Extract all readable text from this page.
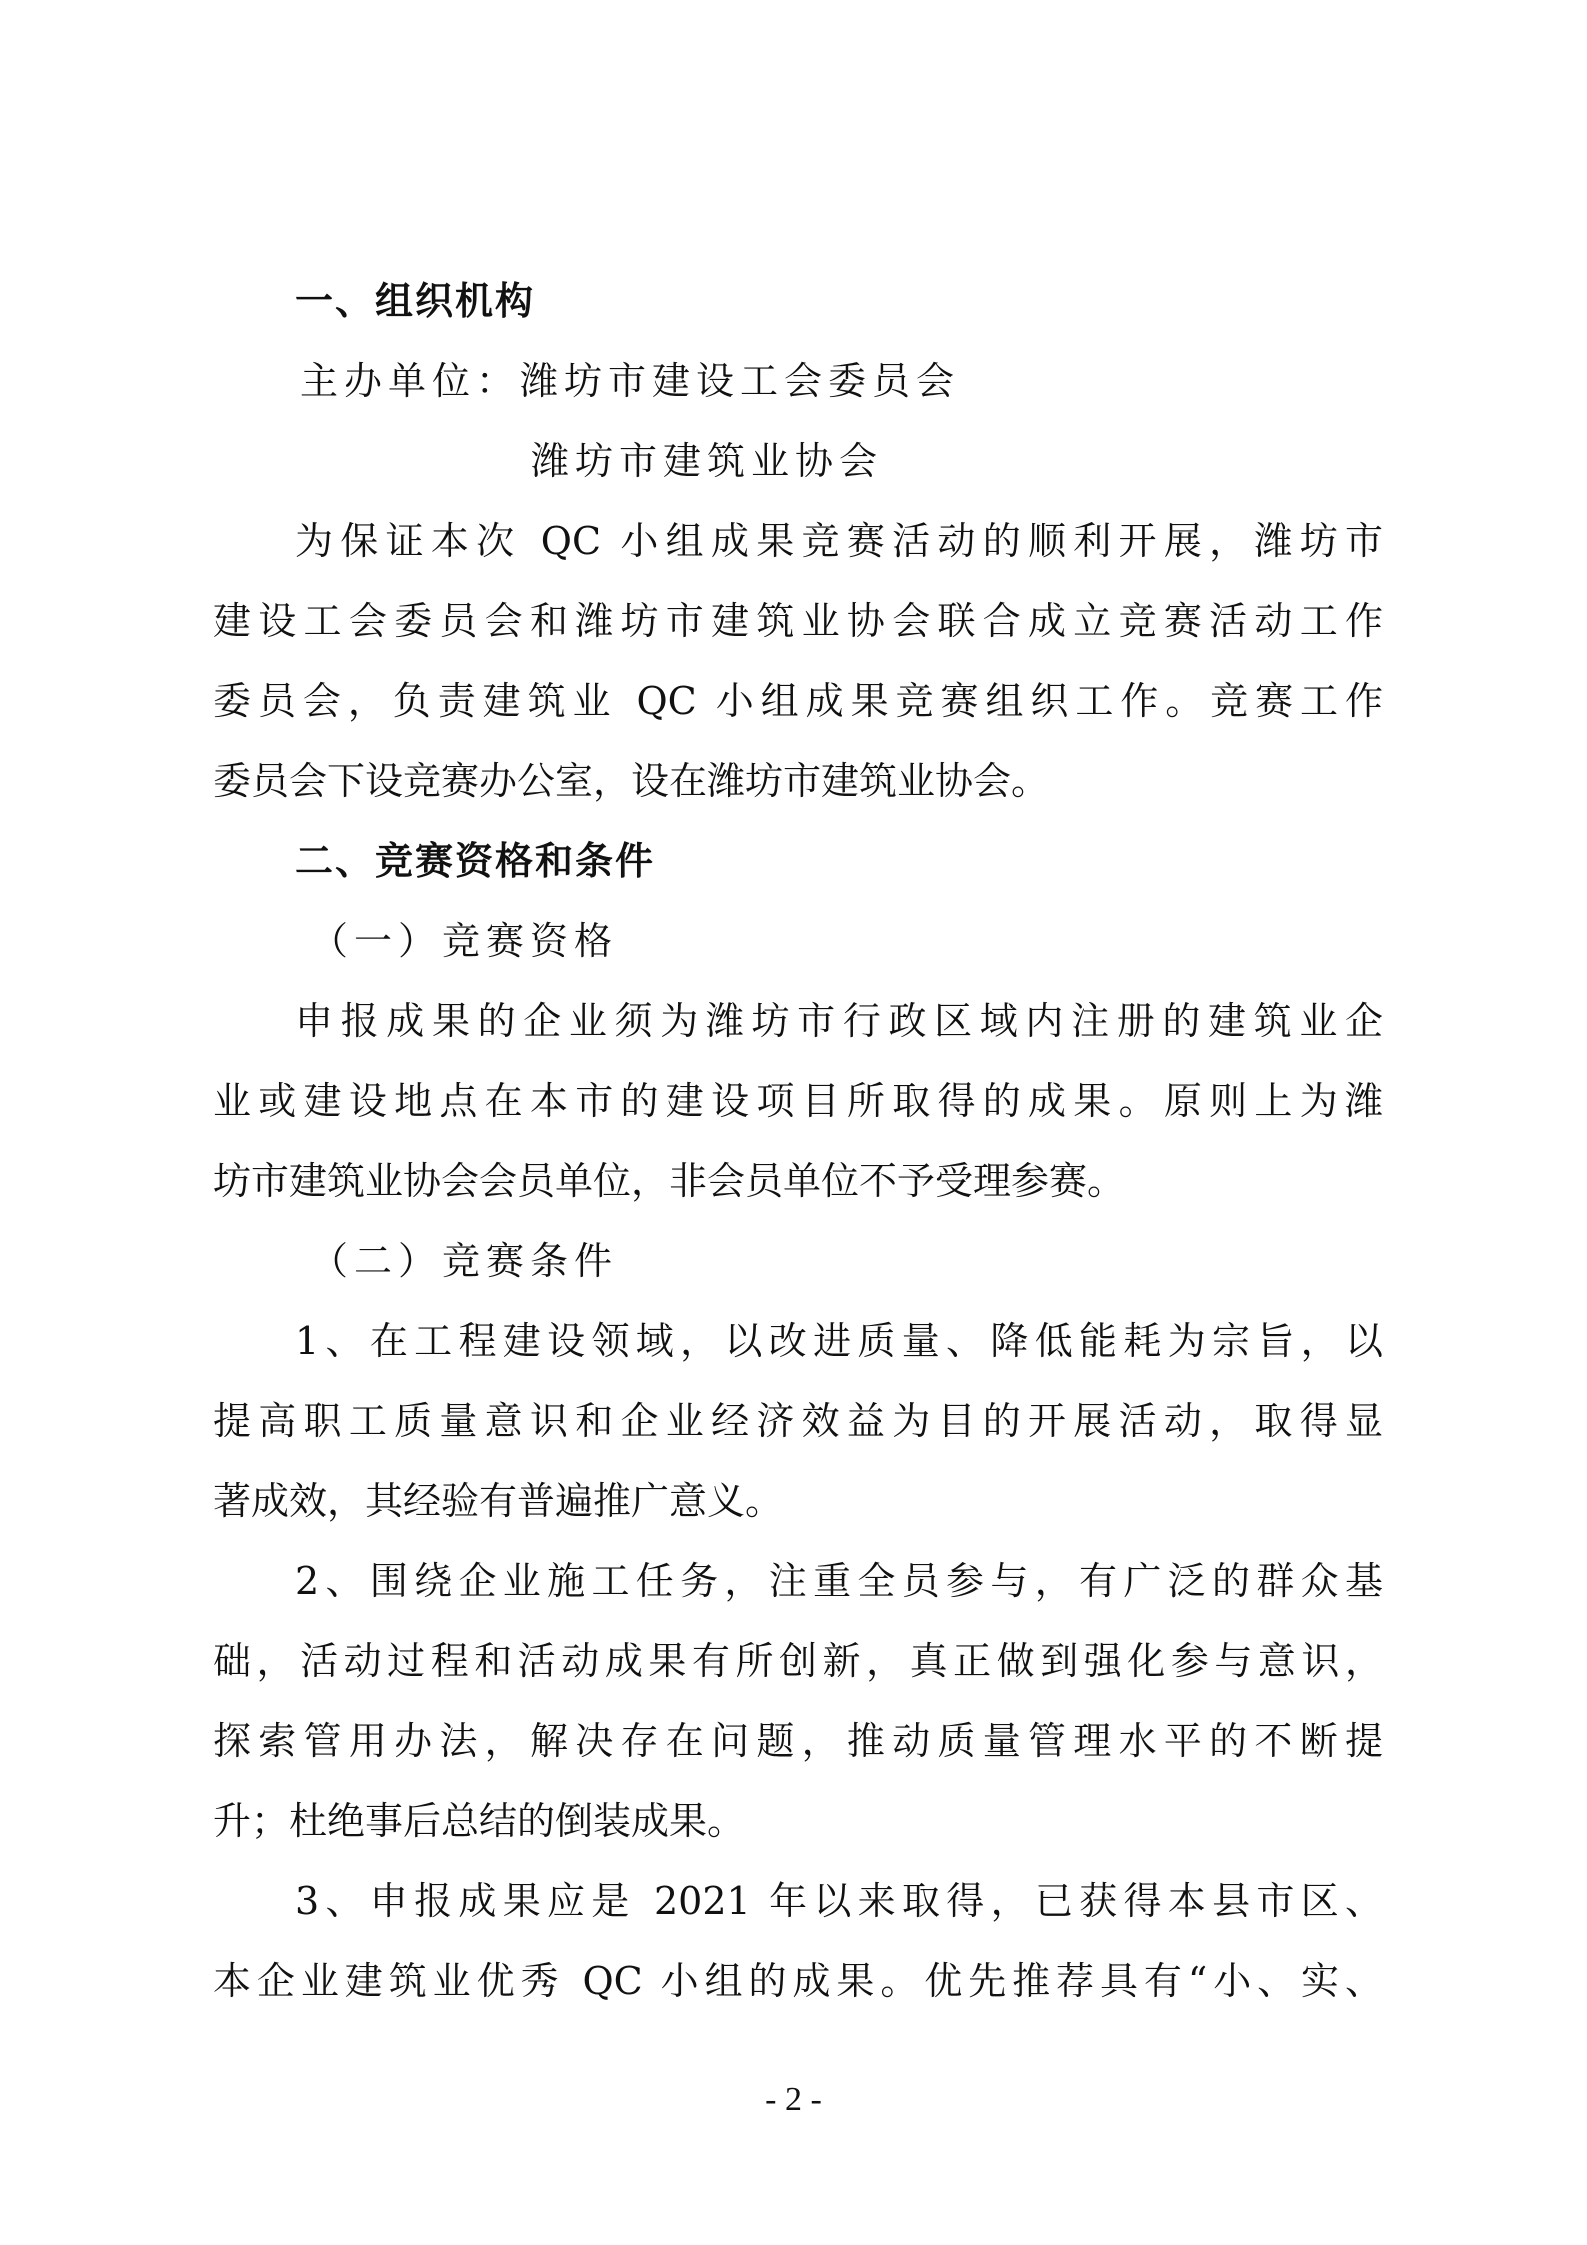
一、组织机构
主办单位：潍坊市建设工会委员会
潍坊市建筑业协会
为保证本次 QC 小组成果竞赛活动的顺利开展，潍坊市
建设工会委员会和潍坊市建筑业协会联合成立竞赛活动工作
委员会，负责建筑业 QC 小组成果竞赛组织工作。竞赛工作
委员会下设竞赛办公室，设在潍坊市建筑业协会。
二、竞赛资格和条件
（一）竞赛资格
申报成果的企业须为潍坊市行政区域内注册的建筑业企
业或建设地点在本市的建设项目所取得的成果。原则上为潍
坊市建筑业协会会员单位，非会员单位不予受理参赛。
（二）竞赛条件
1、在工程建设领域，以改进质量、降低能耗为宗旨，以
提高职工质量意识和企业经济效益为目的开展活动，取得显
著成效，其经验有普遍推广意义。
2、围绕企业施工任务，注重全员参与，有广泛的群众基
础，活动过程和活动成果有所创新，真正做到强化参与意识，
探索管用办法，解决存在问题，推动质量管理水平的不断提
升；杜绝事后总结的倒装成果。
3、申报成果应是 2021 年以来取得，已获得本县市区、
本企业建筑业优秀 QC 小组的成果。优先推荐具有“小、实、
- 2 -
